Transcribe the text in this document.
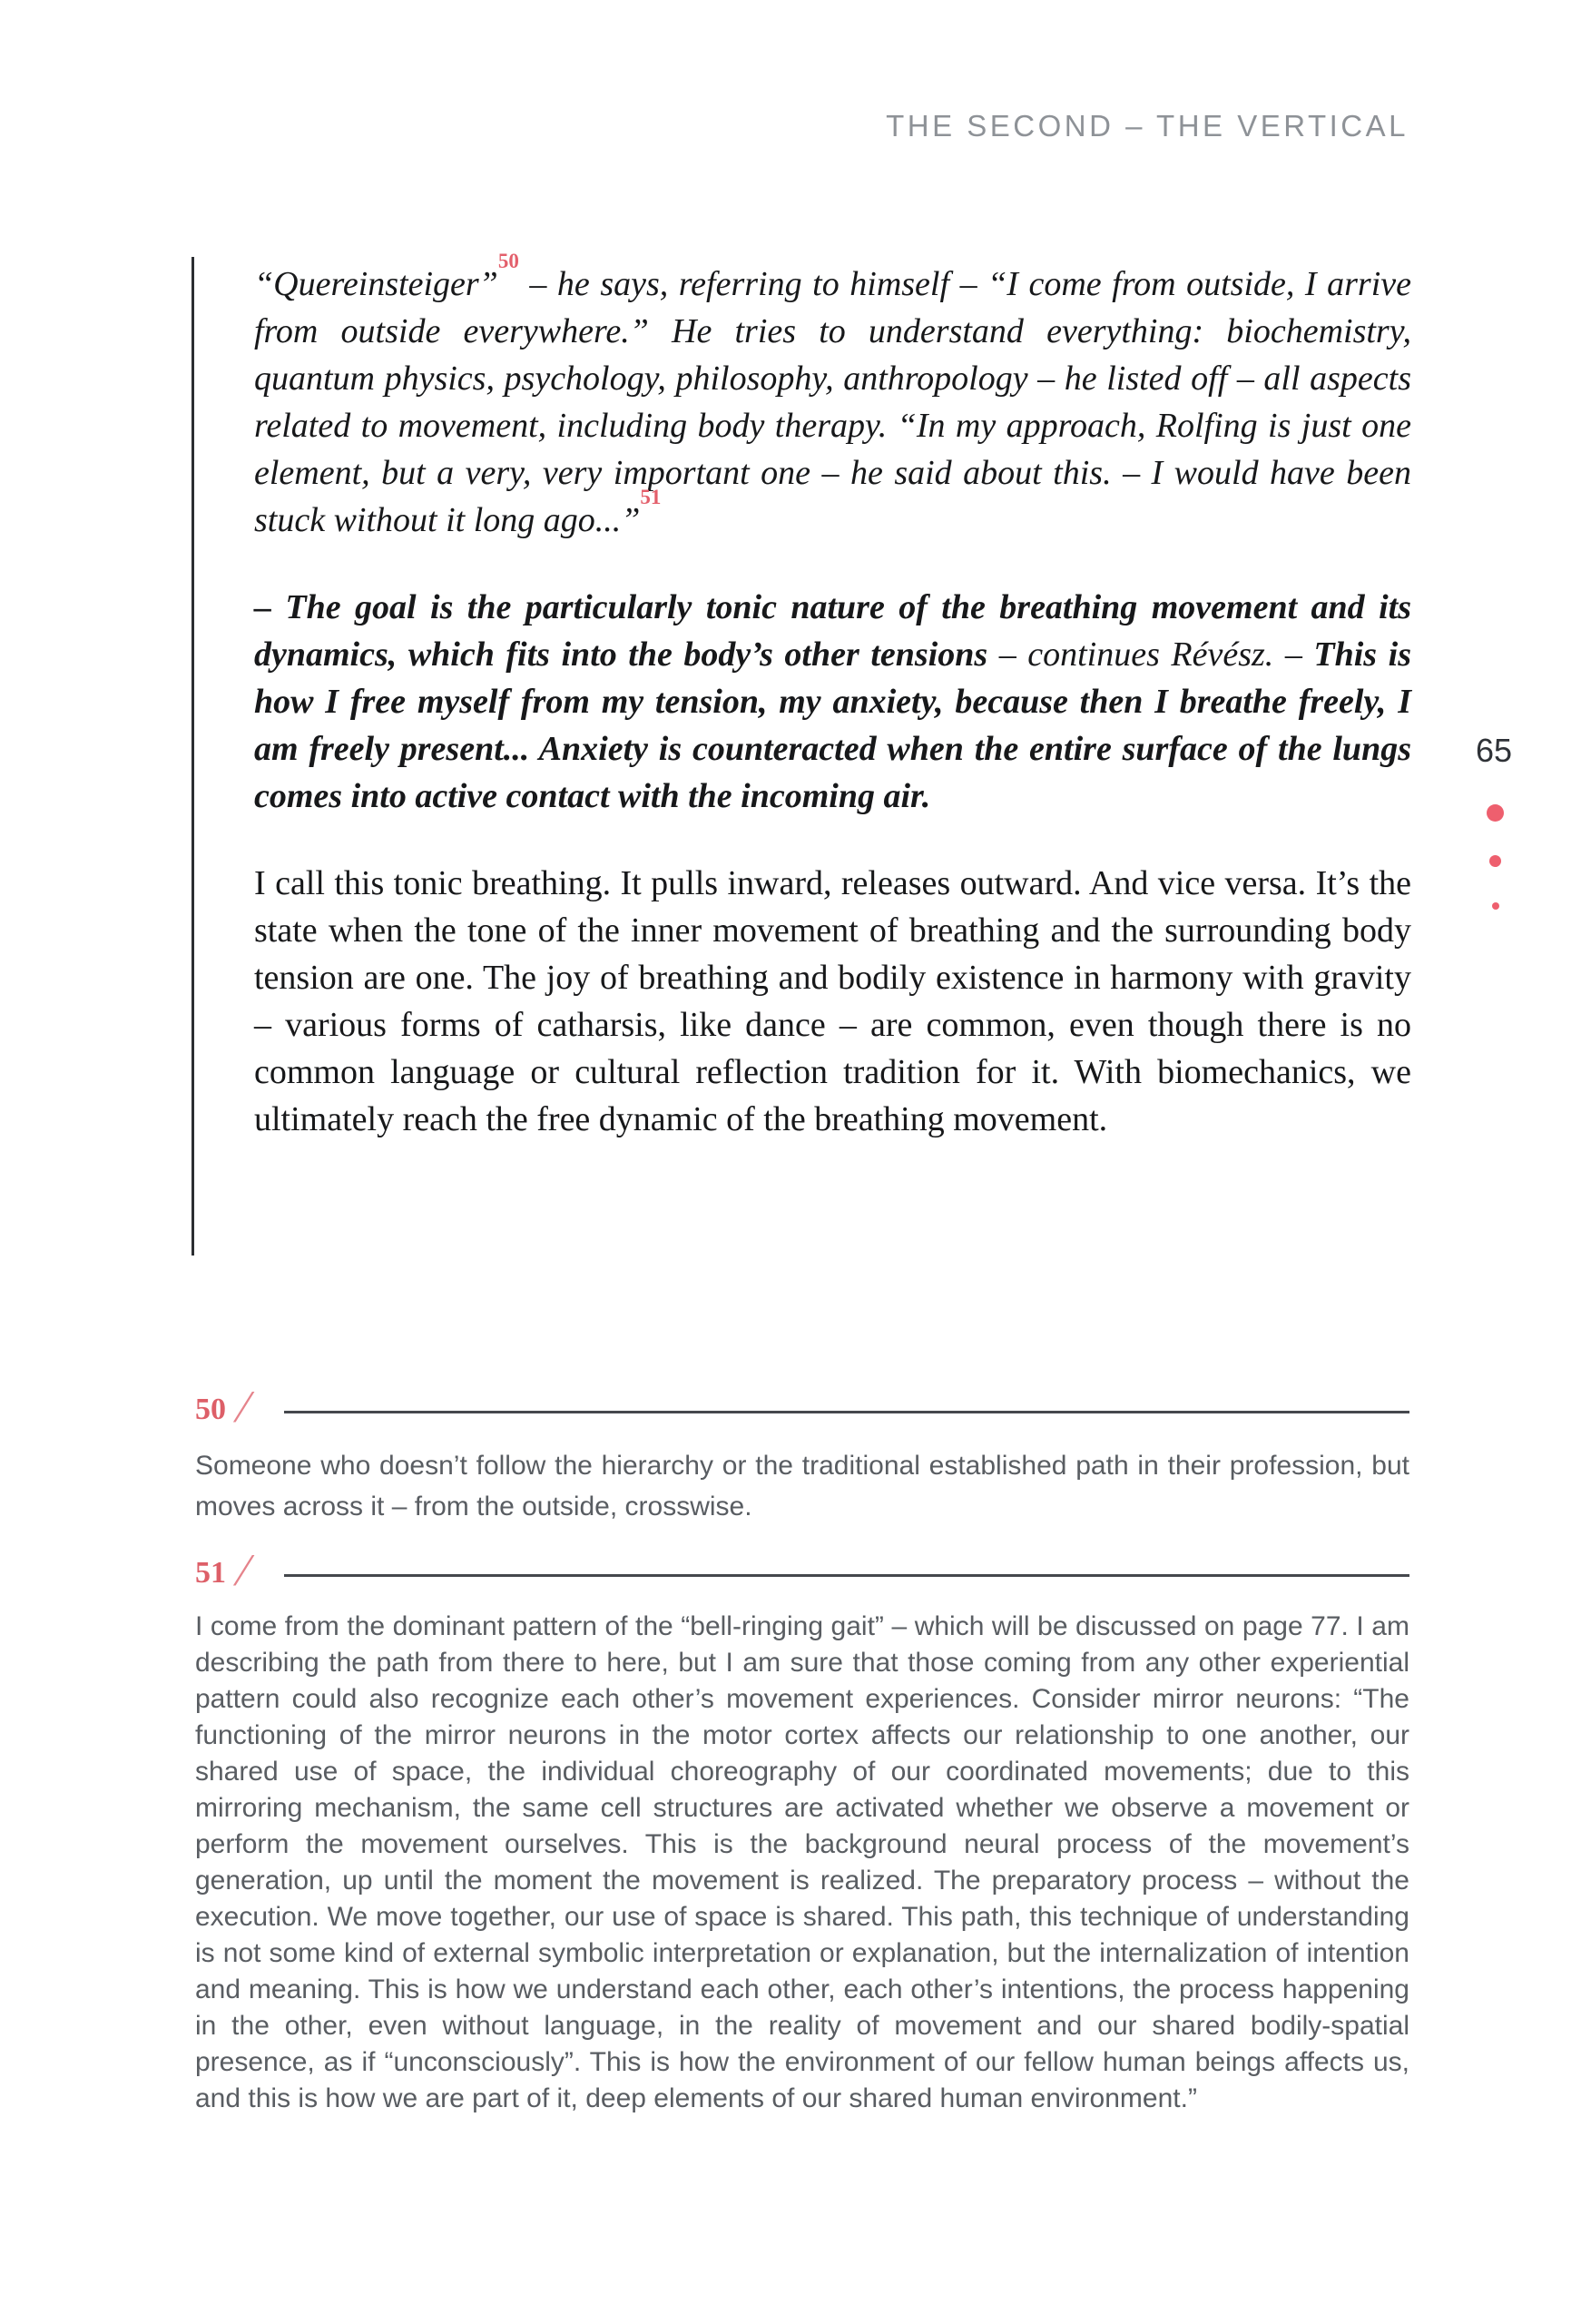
THE SECOND – THE VERTICAL

“Quereinsteiger”$^{50}$ – he says, referring to himself – “I come from outside, I arrive from outside everywhere.” He tries to understand everything: biochemistry, quantum physics, psychology, philosophy, anthropology – he listed off – all aspects related to movement, including body therapy. “In my approach, Rolfing is just one element, but a very, very important one – he said about this. – I would have been stuck without it long ago...”$^{51}$

– The goal is the particularly tonic nature of the breathing movement and its dynamics, which fits into the body’s other tensions – continues Révész. – This is how I free myself from my tension, my anxiety, because then I breathe freely, I am freely present... Anxiety is counteracted when the entire surface of the lungs comes into active contact with the incoming air.

I call this tonic breathing. It pulls inward, releases outward. And vice versa. It’s the state when the tone of the inner movement of breathing and the surrounding body tension are one. The joy of breathing and bodily existence in harmony with gravity – various forms of catharsis, like dance – are common, even though there is no common language or cultural reflection tradition for it. With biomechanics, we ultimately reach the free dynamic of the breathing movement.

65
50 /
Someone who doesn’t follow the hierarchy or the traditional established path in their profession, but moves across it – from the outside, crosswise.
51 /
I come from the dominant pattern of the “bell-ringing gait” – which will be discussed on page 77. I am describing the path from there to here, but I am sure that those coming from any other experiential pattern could also recognize each other’s movement experiences. Consider mirror neurons: “The functioning of the mirror neurons in the motor cortex affects our relationship to one another, our shared use of space, the individual choreography of our coordinated movements; due to this mirroring mechanism, the same cell structures are activated whether we observe a movement or perform the movement ourselves. This is the background neural process of the movement’s generation, up until the moment the movement is realized. The preparatory process – without the execution. We move together, our use of space is shared. This path, this technique of understanding is not some kind of external symbolic interpretation or explanation, but the internalization of intention and meaning. This is how we understand each other, each other’s intentions, the process happening in the other, even without language, in the reality of movement and our shared bodily-spatial presence, as if “unconsciously”. This is how the environment of our fellow human beings affects us, and this is how we are part of it, deep elements of our shared human environment.”
